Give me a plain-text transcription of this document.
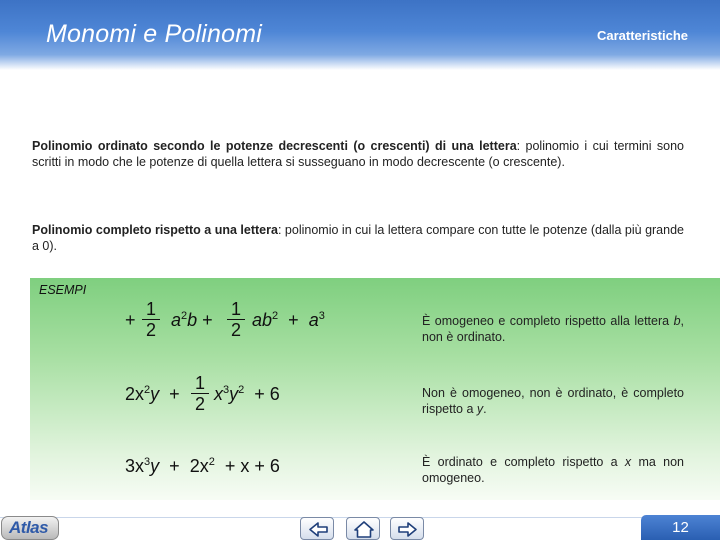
Monomi e Polinomi	Caratteristiche
Polinomio ordinato secondo le potenze decrescenti (o crescenti) di una lettera: polinomio i cui termini sono scritti in modo che le potenze di quella lettera si susseguano in modo decrescente (o crescente).
Polinomio completo rispetto a una lettera: polinomio in cui la lettera compare con tutte le potenze (dalla più grande a 0).
ESEMPI
+
1
2 $a^2b$ +
1
2 $ab^2 + a^3$	È omogeneo e completo rispetto alla lettera b, non è ordinato.
$2x^2y$ +
1
2 $x^3y^2 + 6$	Non è omogeneo, non è ordinato, è completo rispetto a y.
$3x^3y + 2x^2 + x + 6$	È ordinato e completo rispetto a x ma non omogeneo.
Atlas	12
